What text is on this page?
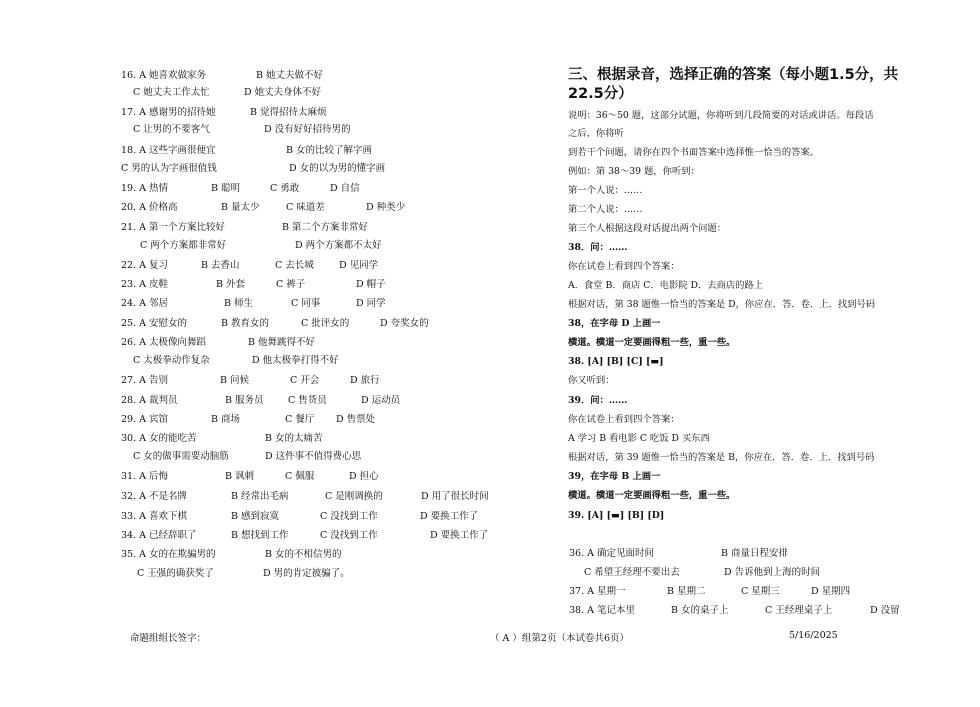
16. A 她喜欢做家务	B 她丈夫做不好
C 她丈夫工作太忙	D 她丈夫身体不好
17. A 感谢男的招待她	B 觉得招待太麻烦
C 让男的不要客气	D 没有好好招待男的
18. A 这些字画很便宜	B 女的比较了解字画
C 男的认为字画很值钱	D 女的以为男的懂字画
19. A 热情	B 聪明	C 勇敢	D 自信
20. A 价格高	B 量太少	C 味道差	D 种类少
21. A 第一个方案比较好	B 第二个方案非常好
C 两个方案都非常好	D 两个方案都不太好
22. A 复习	B 去香山	C 去长城	D 见同学
23. A 皮鞋	B 外套	C 裤子	D 帽子
24. A 邻居	B 师生	C 同事	D 同学
25. A 安慰女的	B 教育女的	C 批评女的	D 夸奖女的
26. A 太极像向舞蹈	B 他舞跳得不好
C 太极拳动作复杂	D 他太极拳打得不好
27. A 告别	B 问候	C 开会	D 旅行
28. A 裁判员	B 服务员	C 售货员	D 运动员
29. A 宾馆	B 商场	C 餐厅 D 售票处
30. A 女的能吃苦	B 女的太痛苦
C 女的做事需要动脑筋	D 这件事不值得费心思
31. A 后悔	B 讽刺	C 佩服	D 担心
32. A 不是名牌	B 经常出毛病	C 是刚调换的	D 用了很长时间
33. A 喜欢下棋	B 感到寂寞	C 没找到工作	D 要换工作了
34. A 已经辞职了	B 想找到工作	C 没找到工作	D 要换工作了
35. A 女的在欺骗男的	B 女的不相信男的
C 王强的确获奖了	D 男的肯定被骗了。
三、根据录音，选择正确的答案（每小题1.5分，共
22.5分）
说明：36～50 题，这部分试题，你将听到几段简要的对话或讲话。每段话
之后，你将听
到若干个问题，请你在四个书面答案中选择惟一恰当的答案。
例如：第 38～39 题，你听到：
第一个人说：……
第二个人说：……
第三个人根据这段对话提出两个问题：
38．问：……
你在试卷上看到四个答案：
A．食堂 B．商店 C．电影院 D．去商店的路上
根据对话，第 38 题惟一恰当的答案是 D，你应在．答．卷．上．找到号码
38，在字母 D 上画一
横道。横道一定要画得粗一些，重一些。
38. [A] [B] [C] [▬]
你又听到：
39．问：……
你在试卷上看到四个答案：
A 学习 B 看电影 C 吃饭 D 买东西
根据对话，第 39 题惟一恰当的答案是 B，你应在．答．卷．上．找到号码
39，在字母 B 上画一
横道。横道一定要画得粗一些，重一些。
39. [A] [▬] [B] [D]
36. A 确定见面时间	B 商量日程安排
C 希望王经理不要出去	D 告诉他到上海的时间
37. A 星期一	B 星期二	C 星期三	D 星期四
38. A 笔记本里	B 女的桌子上	C 王经理桌子上	D 没留
命题组组长签字：	（ A ）组第2页（本试卷共6页）	5/16/2025
